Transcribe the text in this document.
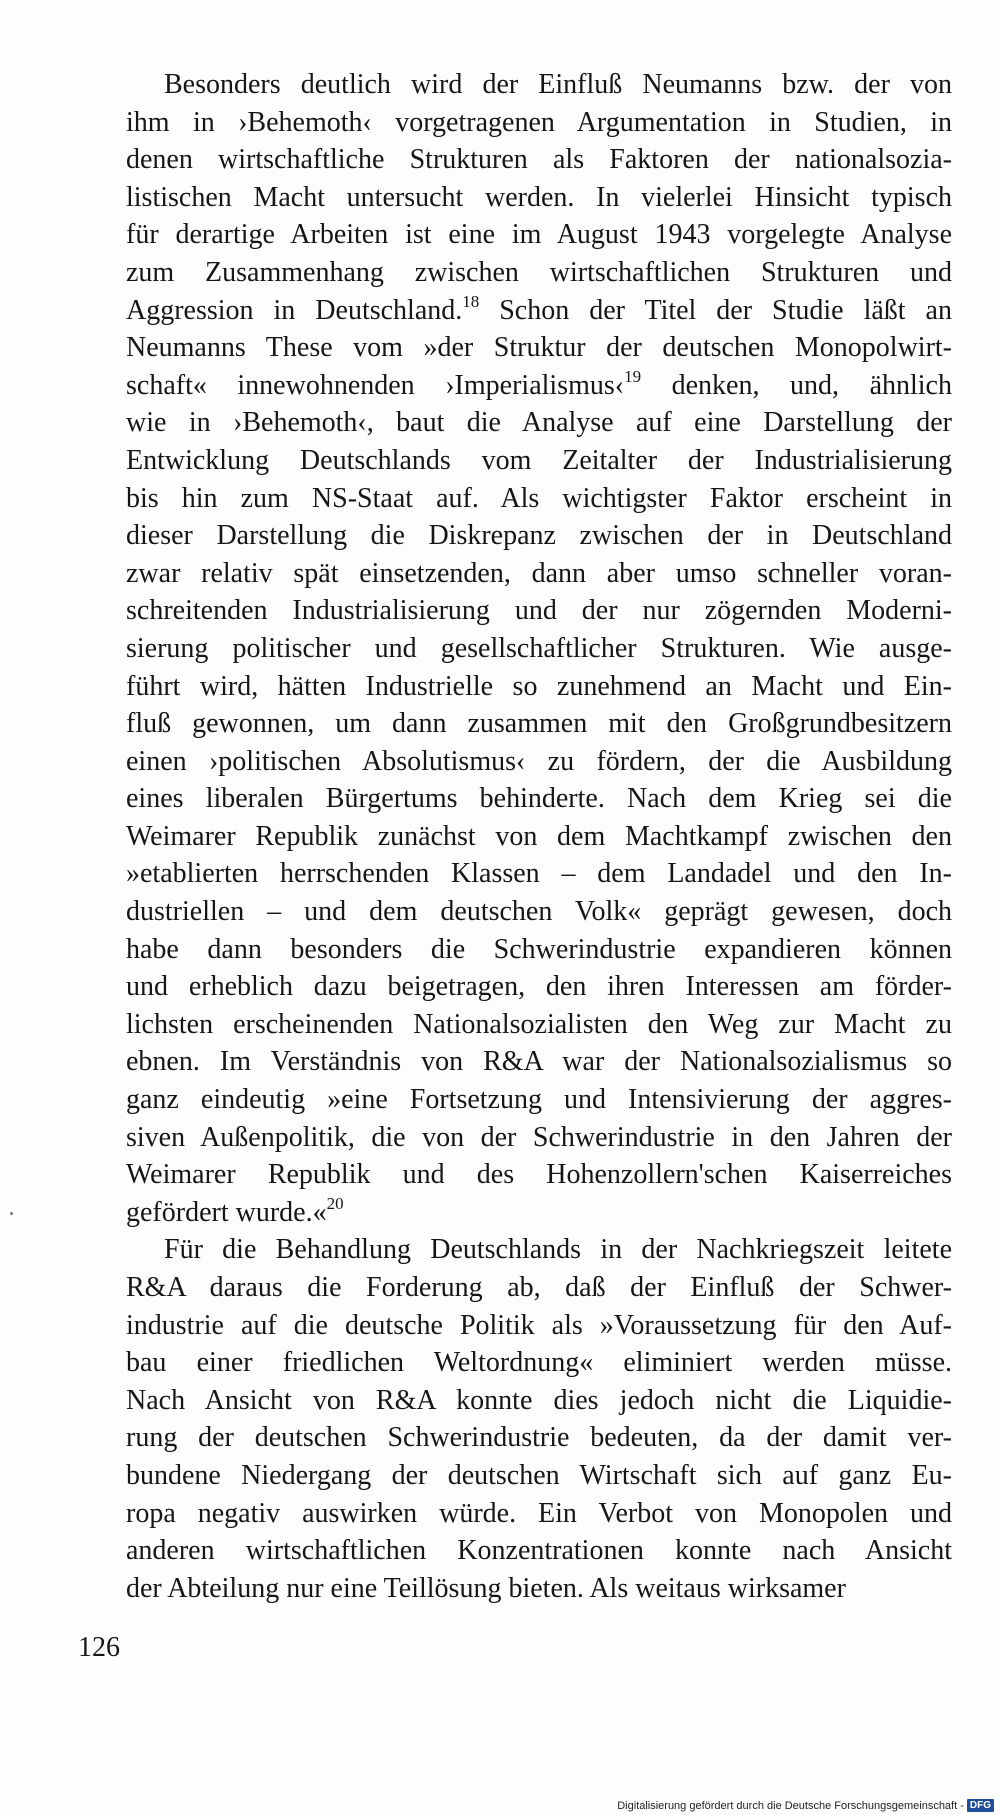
Besonders deutlich wird der Einfluß Neumanns bzw. der von
ihm in ›Behemoth‹ vorgetragenen Argumentation in Studien, in
denen wirtschaftliche Strukturen als Faktoren der nationalsozia-
listischen Macht untersucht werden. In vielerlei Hinsicht typisch
für derartige Arbeiten ist eine im August 1943 vorgelegte Analyse
zum Zusammenhang zwischen wirtschaftlichen Strukturen und
Aggression in Deutschland.$^{18}$ Schon der Titel der Studie läßt an
Neumanns These vom »der Struktur der deutschen Monopolwirt-
schaft« innewohnenden ›Imperialismus‹$^{19}$ denken, und, ähnlich
wie in ›Behemoth‹, baut die Analyse auf eine Darstellung der
Entwicklung Deutschlands vom Zeitalter der Industrialisierung
bis hin zum NS-Staat auf. Als wichtigster Faktor erscheint in
dieser Darstellung die Diskrepanz zwischen der in Deutschland
zwar relativ spät einsetzenden, dann aber umso schneller voran-
schreitenden Industrialisierung und der nur zögernden Moderni-
sierung politischer und gesellschaftlicher Strukturen. Wie ausge-
führt wird, hätten Industrielle so zunehmend an Macht und Ein-
fluß gewonnen, um dann zusammen mit den Großgrundbesitzern
einen ›politischen Absolutismus‹ zu fördern, der die Ausbildung
eines liberalen Bürgertums behinderte. Nach dem Krieg sei die
Weimarer Republik zunächst von dem Machtkampf zwischen den
»etablierten herrschenden Klassen – dem Landadel und den In-
dustriellen – und dem deutschen Volk« geprägt gewesen, doch
habe dann besonders die Schwerindustrie expandieren können
und erheblich dazu beigetragen, den ihren Interessen am förder-
lichsten erscheinenden Nationalsozialisten den Weg zur Macht zu
ebnen. Im Verständnis von R&A war der Nationalsozialismus so
ganz eindeutig »eine Fortsetzung und Intensivierung der aggres-
siven Außenpolitik, die von der Schwerindustrie in den Jahren der
Weimarer Republik und des Hohenzollern'schen Kaiserreiches
gefördert wurde.«$^{20}$
Für die Behandlung Deutschlands in der Nachkriegszeit leitete
R&A daraus die Forderung ab, daß der Einfluß der Schwer-
industrie auf die deutsche Politik als »Voraussetzung für den Auf-
bau einer friedlichen Weltordnung« eliminiert werden müsse.
Nach Ansicht von R&A konnte dies jedoch nicht die Liquidie-
rung der deutschen Schwerindustrie bedeuten, da der damit ver-
bundene Niedergang der deutschen Wirtschaft sich auf ganz Eu-
ropa negativ auswirken würde. Ein Verbot von Monopolen und
anderen wirtschaftlichen Konzentrationen konnte nach Ansicht
der Abteilung nur eine Teillösung bieten. Als weitaus wirksamer
126
Digitalisierung gefördert durch die Deutsche Forschungsgemeinschaft - DFG
